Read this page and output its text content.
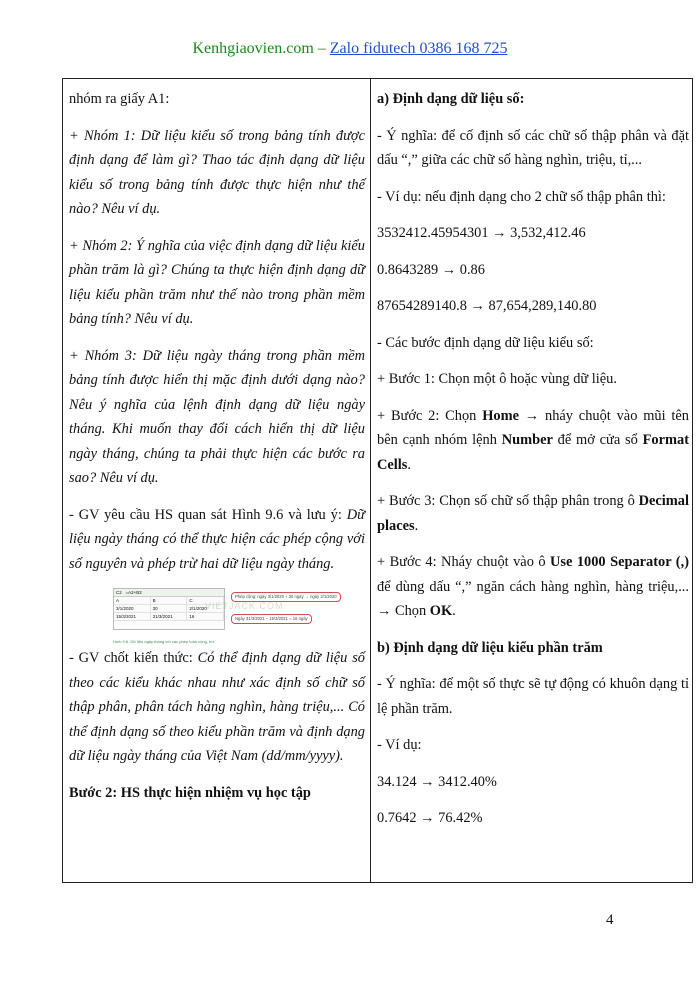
Kenhgiaovien.com – Zalo fidutech 0386 168 725

nhóm ra giấy A1:

+ Nhóm 1: Dữ liệu kiểu số trong bảng tính được định dạng để làm gì? Thao tác định dạng dữ liệu kiểu số trong bảng tính được thực hiện như thế nào? Nêu ví dụ.

+ Nhóm 2: Ý nghĩa của việc định dạng dữ liệu kiểu phần trăm là gì? Chúng ta thực hiện định dạng dữ liệu kiểu phần trăm như thế nào trong phần mềm bảng tính? Nêu ví dụ.

+ Nhóm 3: Dữ liệu ngày tháng trong phần mềm bảng tính được hiển thị mặc định dưới dạng nào? Nêu ý nghĩa của lệnh định dạng dữ liệu ngày tháng. Khi muốn thay đổi cách hiển thị dữ liệu ngày tháng, chúng ta phải thực hiện các bước ra sao? Nêu ví dụ.

- GV yêu cầu HS quan sát Hình 9.6 và lưu ý: Dữ liệu ngày tháng có thể thực hiện các phép cộng với số nguyên và phép trừ hai dữ liệu ngày tháng.

C2 =A2+B2
A	B	C
3/1/2020	30	2/1/2020
15/3/2021	31/3/2021	16
Phép cộng: ngày 3/1/2020 + 30 ngày → ngày 2/1/2020
Ngày 31/3/2021 − 15/3/2021 = 16 ngày
VIETJACK.COM
Hình 9.6. Dữ liệu ngày tháng với các phép toán cộng, trừ

- GV chốt kiến thức: Có thể định dạng dữ liệu số theo các kiểu khác nhau như xác định số chữ số thập phân, phân tách hàng nghìn, hàng triệu,... Có thể định dạng số theo kiểu phần trăm và định dạng dữ liệu ngày tháng của Việt Nam (dd/mm/yyyy).

Bước 2: HS thực hiện nhiệm vụ học tập

a) Định dạng dữ liệu số:

- Ý nghĩa: để cố định số các chữ số thập phân và đặt dấu “,” giữa các chữ số hàng nghìn, triệu, tỉ,...

- Ví dụ: nếu định dạng cho 2 chữ số thập phân thì:

3532412.45954301 → 3,532,412.46

0.8643289 → 0.86

87654289140.8 → 87,654,289,140.80

- Các bước định dạng dữ liệu kiểu số:

+ Bước 1: Chọn một ô hoặc vùng dữ liệu.

+ Bước 2: Chọn Home → nháy chuột vào mũi tên bên cạnh nhóm lệnh Number để mở cửa sổ Format Cells.

+ Bước 3: Chọn số chữ số thập phân trong ô Decimal places.

+ Bước 4: Nháy chuột vào ô Use 1000 Separator (,) để dùng dấu “,” ngăn cách hàng nghìn, hàng triệu,... → Chọn OK.

b) Định dạng dữ liệu kiểu phần trăm

- Ý nghĩa: để một số thực sẽ tự động có khuôn dạng tỉ lệ phần trăm.

- Ví dụ:

34.124 → 3412.40%

0.7642 → 76.42%

4
